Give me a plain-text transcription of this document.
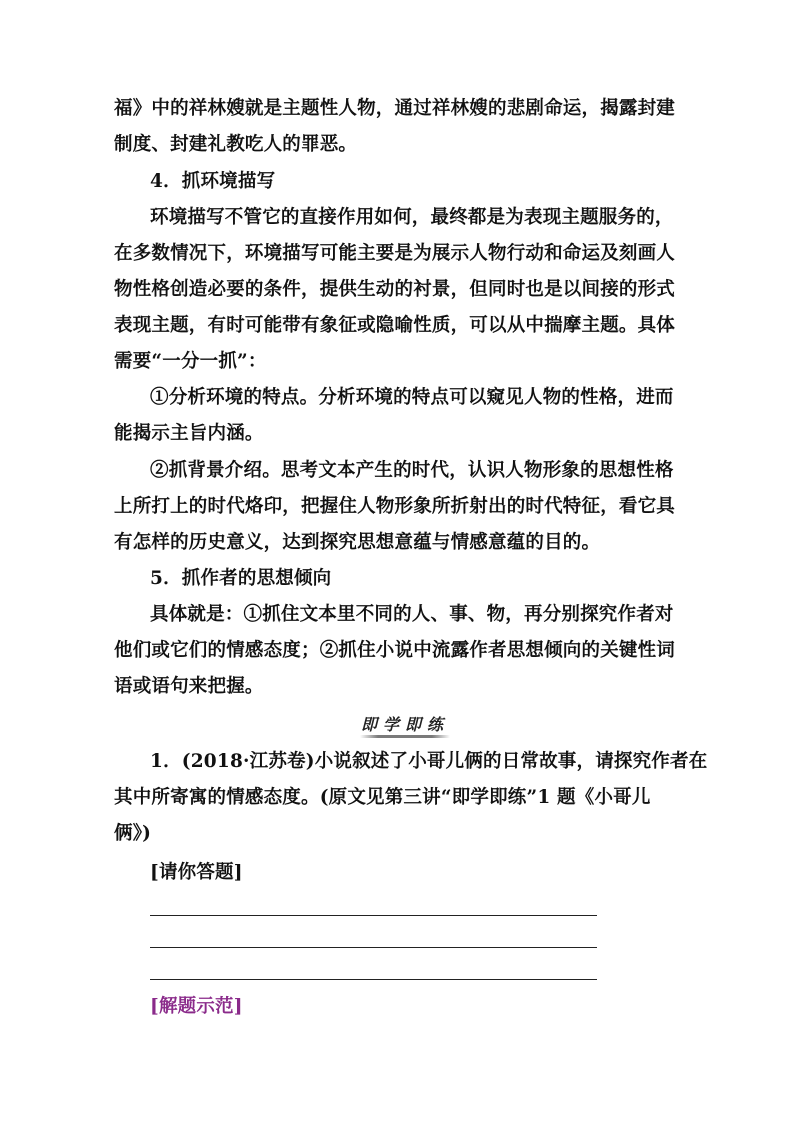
福》中的祥林嫂就是主题性人物，通过祥林嫂的悲剧命运，揭露封建
制度、封建礼教吃人的罪恶。
4．抓环境描写
环境描写不管它的直接作用如何，最终都是为表现主题服务的，
在多数情况下，环境描写可能主要是为展示人物行动和命运及刻画人
物性格创造必要的条件，提供生动的衬景，但同时也是以间接的形式
表现主题，有时可能带有象征或隐喻性质，可以从中揣摩主题。具体
需要“一分一抓”：
①分析环境的特点。分析环境的特点可以窥见人物的性格，进而
能揭示主旨内涵。
②抓背景介绍。思考文本产生的时代，认识人物形象的思想性格
上所打上的时代烙印，把握住人物形象所折射出的时代特征，看它具
有怎样的历史意义，达到探究思想意蕴与情感意蕴的目的。
5．抓作者的思想倾向
具体就是：①抓住文本里不同的人、事、物，再分别探究作者对
他们或它们的情感态度；②抓住小说中流露作者思想倾向的关键性词
语或语句来把握。
即学即练
1．(2018·江苏卷)小说叙述了小哥儿俩的日常故事，请探究作者在
其中所寄寓的情感态度。(原文见第三讲“即学即练”1 题《小哥儿
俩》)
[请你答题]
[解题示范]
